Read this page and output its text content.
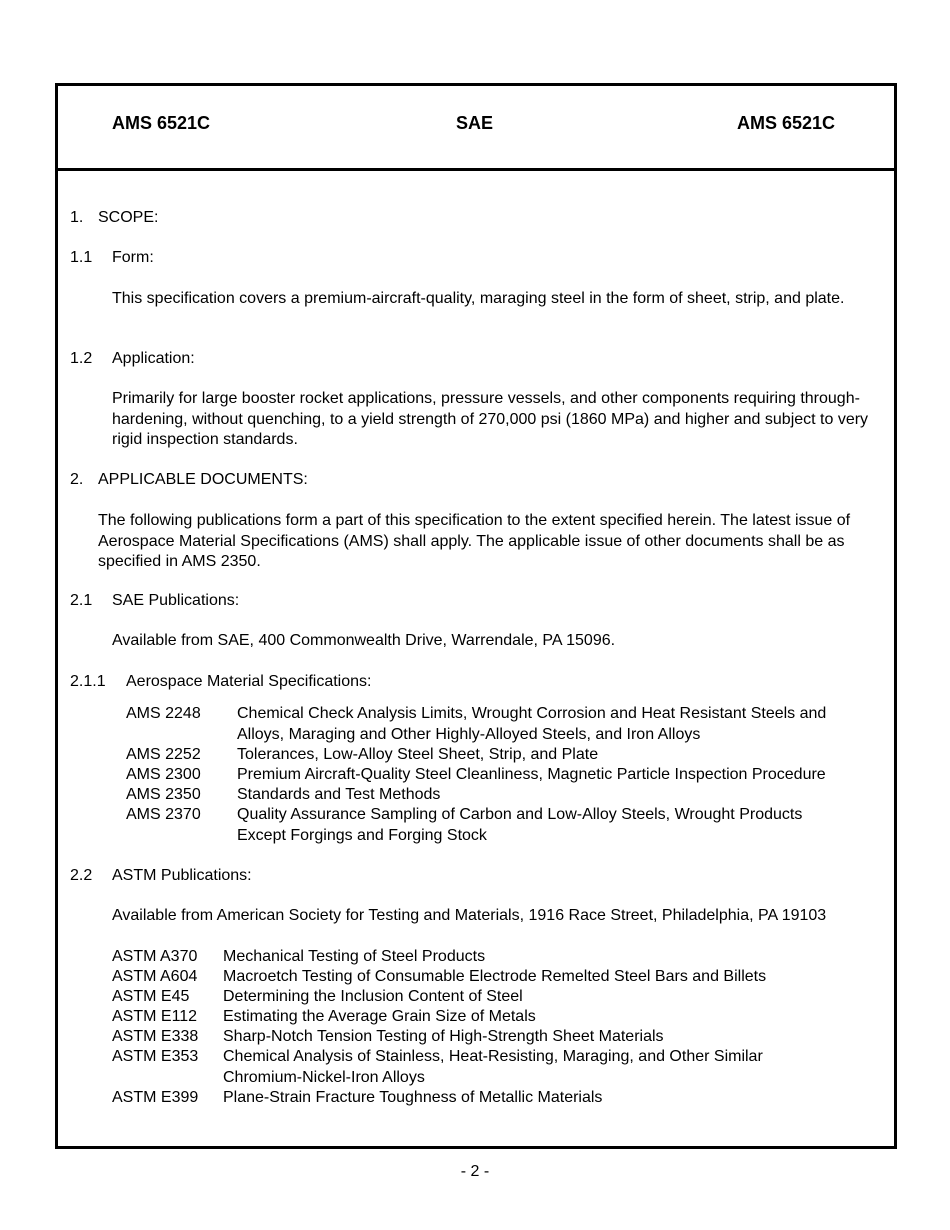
AMS 6521C	SAE	AMS 6521C
1. SCOPE:
1.1 Form:
This specification covers a premium-aircraft-quality, maraging steel in the form of sheet, strip, and plate.
1.2 Application:
Primarily for large booster rocket applications, pressure vessels, and other components requiring through-hardening, without quenching, to a yield strength of 270,000 psi (1860 MPa) and higher and subject to very rigid inspection standards.
2. APPLICABLE DOCUMENTS:
The following publications form a part of this specification to the extent specified herein. The latest issue of Aerospace Material Specifications (AMS) shall apply. The applicable issue of other documents shall be as specified in AMS 2350.
2.1 SAE Publications:
Available from SAE, 400 Commonwealth Drive, Warrendale, PA 15096.
2.1.1 Aerospace Material Specifications:
AMS 2248 Chemical Check Analysis Limits, Wrought Corrosion and Heat Resistant Steels and Alloys, Maraging and Other Highly-Alloyed Steels, and Iron Alloys
AMS 2252 Tolerances, Low-Alloy Steel Sheet, Strip, and Plate
AMS 2300 Premium Aircraft-Quality Steel Cleanliness, Magnetic Particle Inspection Procedure
AMS 2350 Standards and Test Methods
AMS 2370 Quality Assurance Sampling of Carbon and Low-Alloy Steels, Wrought Products Except Forgings and Forging Stock
2.2 ASTM Publications:
Available from American Society for Testing and Materials, 1916 Race Street, Philadelphia, PA 19103
ASTM A370 Mechanical Testing of Steel Products
ASTM A604 Macroetch Testing of Consumable Electrode Remelted Steel Bars and Billets
ASTM E45 Determining the Inclusion Content of Steel
ASTM E112 Estimating the Average Grain Size of Metals
ASTM E338 Sharp-Notch Tension Testing of High-Strength Sheet Materials
ASTM E353 Chemical Analysis of Stainless, Heat-Resisting, Maraging, and Other Similar Chromium-Nickel-Iron Alloys
ASTM E399 Plane-Strain Fracture Toughness of Metallic Materials
- 2 -
